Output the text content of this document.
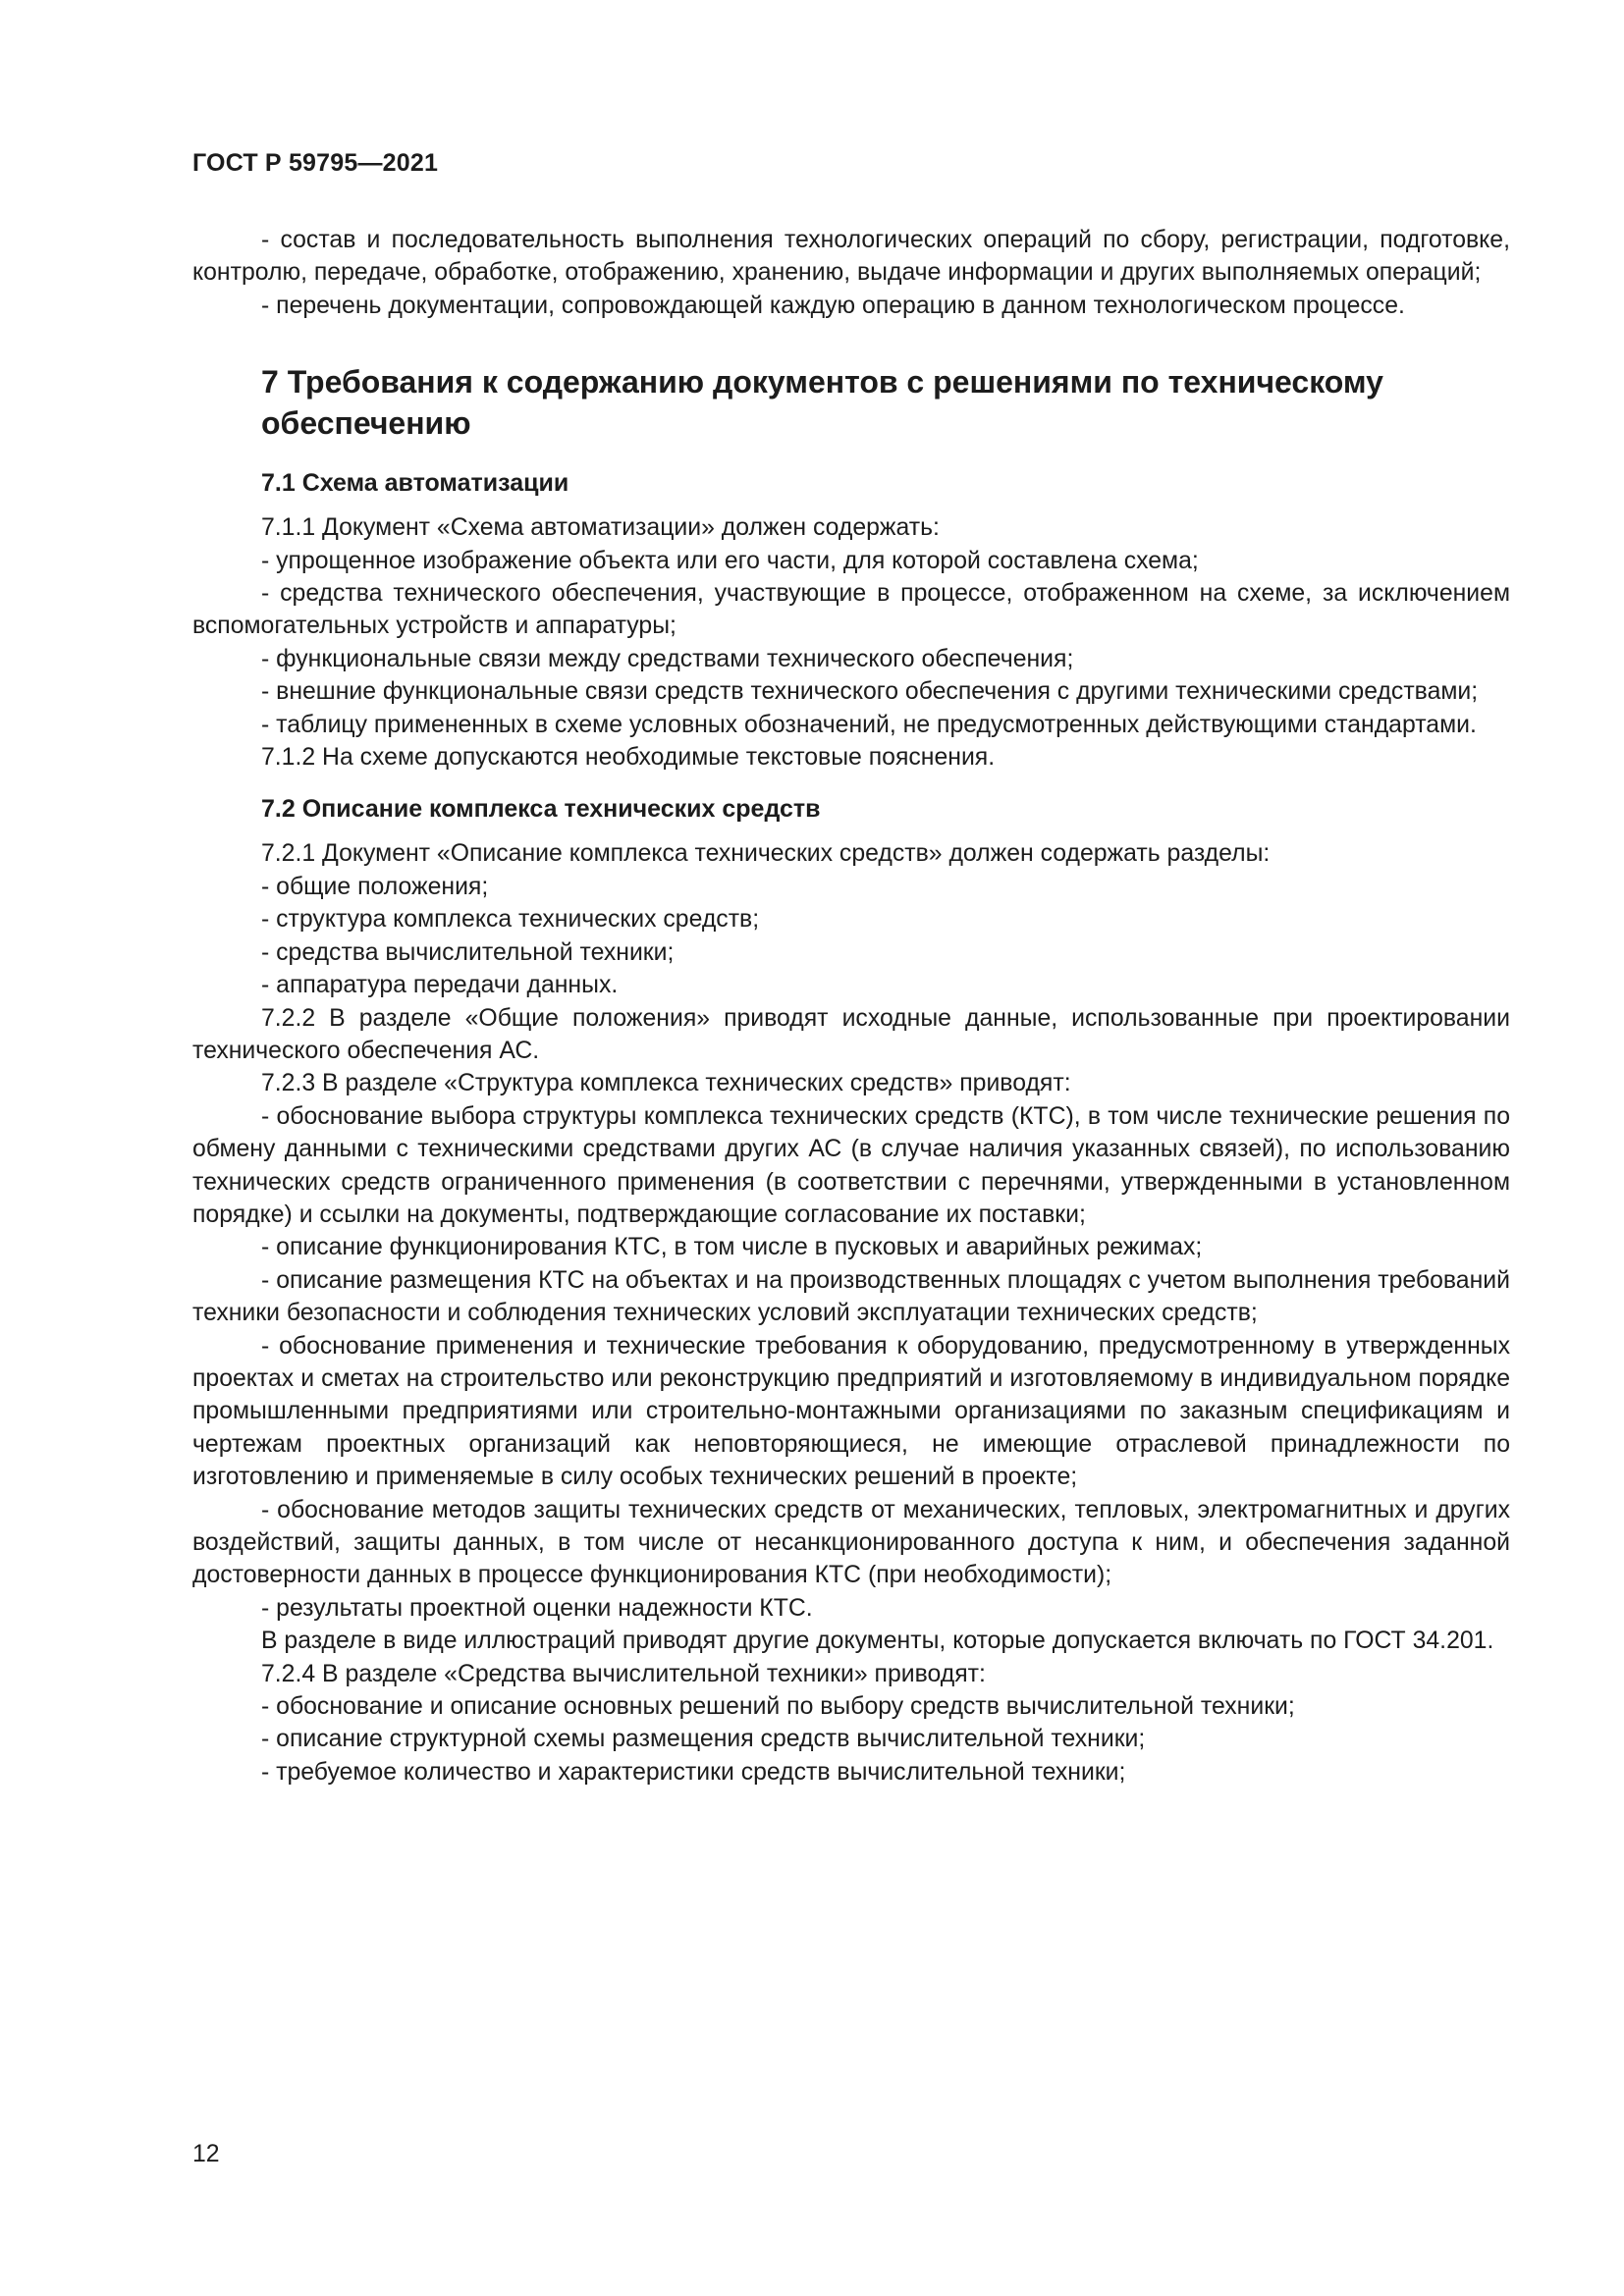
ГОСТ Р 59795—2021

- состав и последовательность выполнения технологических операций по сбору, регистрации, подготовке, контролю, передаче, обработке, отображению, хранению, выдаче информации и других выполняемых операций;

- перечень документации, сопровождающей каждую операцию в данном технологическом процессе.

7 Требования к содержанию документов с решениями по техническому обеспечению
7.1 Схема автоматизации

7.1.1 Документ «Схема автоматизации» должен содержать:

- упрощенное изображение объекта или его части, для которой составлена схема;

- средства технического обеспечения, участвующие в процессе, отображенном на схеме, за исключением вспомогательных устройств и аппаратуры;

- функциональные связи между средствами технического обеспечения;

- внешние функциональные связи средств технического обеспечения с другими техническими средствами;

- таблицу примененных в схеме условных обозначений, не предусмотренных действующими стандартами.

7.1.2 На схеме допускаются необходимые текстовые пояснения.

7.2 Описание комплекса технических средств

7.2.1 Документ «Описание комплекса технических средств» должен содержать разделы:

- общие положения;

- структура комплекса технических средств;

- средства вычислительной техники;

- аппаратура передачи данных.

7.2.2 В разделе «Общие положения» приводят исходные данные, использованные при проектировании технического обеспечения АС.

7.2.3 В разделе «Структура комплекса технических средств» приводят:

- обоснование выбора структуры комплекса технических средств (КТС), в том числе технические решения по обмену данными с техническими средствами других АС (в случае наличия указанных связей), по использованию технических средств ограниченного применения (в соответствии с перечнями, утвержденными в установленном порядке) и ссылки на документы, подтверждающие согласование их поставки;

- описание функционирования КТС, в том числе в пусковых и аварийных режимах;

- описание размещения КТС на объектах и на производственных площадях с учетом выполнения требований техники безопасности и соблюдения технических условий эксплуатации технических средств;

- обоснование применения и технические требования к оборудованию, предусмотренному в утвержденных проектах и сметах на строительство или реконструкцию предприятий и изготовляемому в индивидуальном порядке промышленными предприятиями или строительно-монтажными организациями по заказным спецификациям и чертежам проектных организаций как неповторяющиеся, не имеющие отраслевой принадлежности по изготовлению и применяемые в силу особых технических решений в проекте;

- обоснование методов защиты технических средств от механических, тепловых, электромагнитных и других воздействий, защиты данных, в том числе от несанкционированного доступа к ним, и обеспечения заданной достоверности данных в процессе функционирования КТС (при необходимости);

- результаты проектной оценки надежности КТС.

В разделе в виде иллюстраций приводят другие документы, которые допускается включать по ГОСТ 34.201.

7.2.4 В разделе «Средства вычислительной техники» приводят:

- обоснование и описание основных решений по выбору средств вычислительной техники;

- описание структурной схемы размещения средств вычислительной техники;

- требуемое количество и характеристики средств вычислительной техники;

12
